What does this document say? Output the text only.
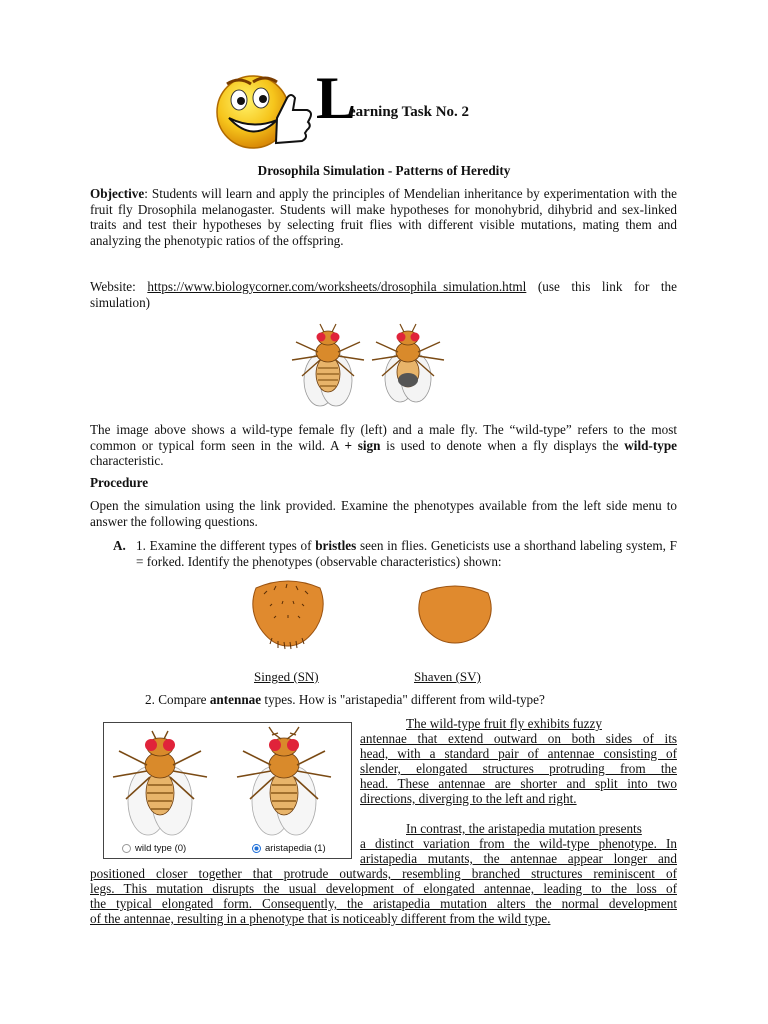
L
earning Task No. 2
Drosophila Simulation - Patterns of Heredity
Objective: Students will learn and apply the principles of Mendelian inheritance by experimentation with the fruit fly Drosophila melanogaster. Students will make hypotheses for monohybrid, dihybrid and sex-linked traits and test their hypotheses by selecting fruit flies with different visible mutations, mating them and analyzing the phenotypic ratios of the offspring.
Website: https://www.biologycorner.com/worksheets/drosophila_simulation.html (use this link for the simulation)
The image above shows a wild-type female fly (left) and a male fly. The “wild-type” refers to the most common or typical form seen in the wild. A + sign is used to denote when a fly displays the wild-type characteristic.
Procedure
Open the simulation using the link provided. Examine the phenotypes available from the left side menu to answer the following questions.
A. 1. Examine the different types of bristles seen in flies. Geneticists use a shorthand labeling system, F = forked. Identify the phenotypes (observable characteristics) shown:
Singed (SN)	Shaven (SV)
2. Compare antennae types. How is "aristapedia" different from wild-type?
wild type (0)	aristapedia (1)
The wild-type fruit fly exhibits fuzzy
antennae that extend outward on both sides of its
head, with a standard pair of antennae consisting of
slender, elongated structures protruding from the
head. These antennae are shorter and split into two
directions, diverging to the left and right.
In contrast, the aristapedia mutation presents
a distinct variation from the wild-type phenotype. In
aristapedia mutants, the antennae appear longer and
positioned closer together that protrude outwards, resembling branched structures reminiscent of
legs. This mutation disrupts the usual development of elongated antennae, leading to the loss of
the typical elongated form. Consequently, the aristapedia mutation alters the normal development
of the antennae, resulting in a phenotype that is noticeably different from the wild type.
